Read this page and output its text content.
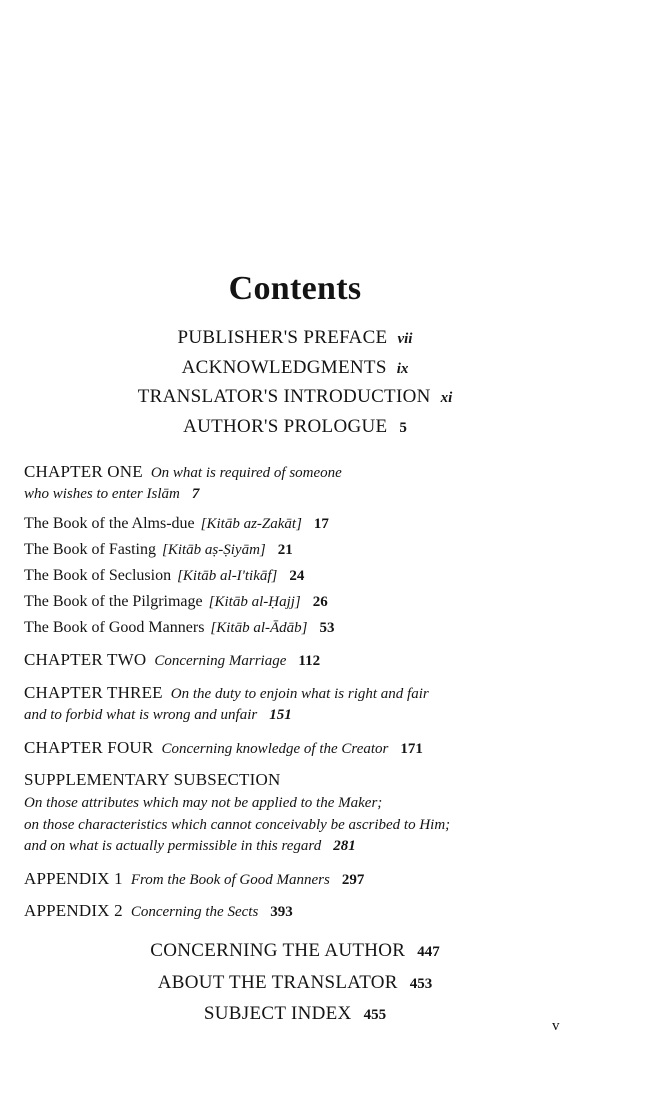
Contents
PUBLISHER'S PREFACE vii
ACKNOWLEDGMENTS ix
TRANSLATOR'S INTRODUCTION xi
AUTHOR'S PROLOGUE 5
CHAPTER ONE On what is required of someone
who wishes to enter Islām 7
The Book of the Alms-due [Kitāb az-Zakāt] 17
The Book of Fasting [Kitāb aṣ-Ṣiyām] 21
The Book of Seclusion [Kitāb al-I'tikāf] 24
The Book of the Pilgrimage [Kitāb al-Ḥajj] 26
The Book of Good Manners [Kitāb al-Ādāb] 53
CHAPTER TWO Concerning Marriage 112
CHAPTER THREE On the duty to enjoin what is right and fair
and to forbid what is wrong and unfair 151
CHAPTER FOUR Concerning knowledge of the Creator 171
SUPPLEMENTARY SUBSECTION
On those attributes which may not be applied to the Maker;
on those characteristics which cannot conceivably be ascribed to Him;
and on what is actually permissible in this regard 281
APPENDIX 1 From the Book of Good Manners 297
APPENDIX 2 Concerning the Sects 393
CONCERNING THE AUTHOR 447
ABOUT THE TRANSLATOR 453
SUBJECT INDEX 455
v
